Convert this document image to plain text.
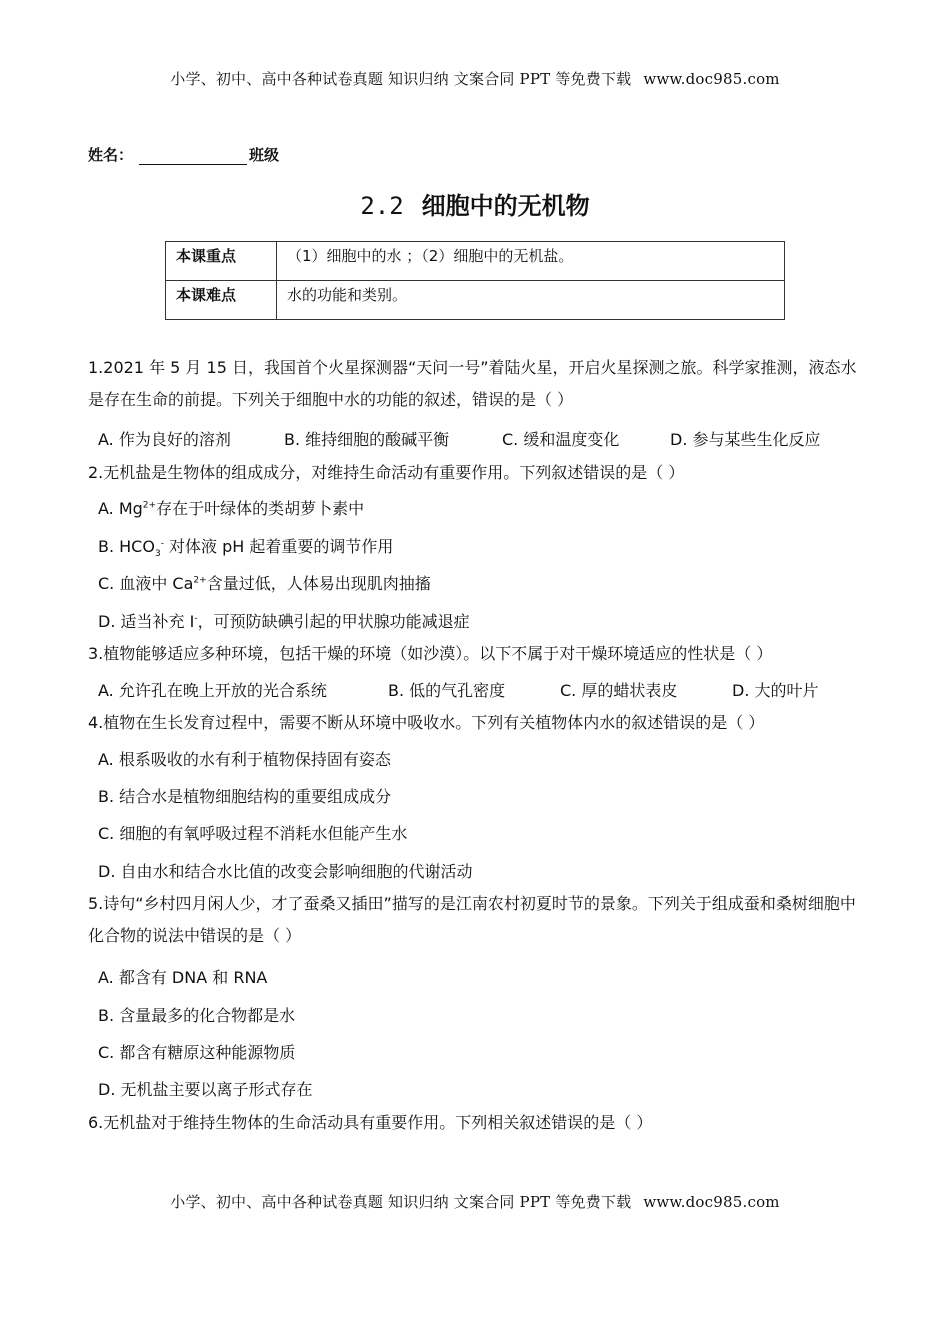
小学、初中、高中各种试卷真题 知识归纳 文案合同 PPT 等免费下载 www.doc985.com
姓名：	班级
2.2 细胞中的无机物
本课重点	（1）细胞中的水 ；（2）细胞中的无机盐。
本课难点	水的功能和类别。
1.2021 年 5 月 15 日，我国首个火星探测器“天问一号”着陆火星，开启火星探测之旅。科学家推测，液态水是存在生命的前提。下列关于细胞中水的功能的叙述，错误的是（ ）
A. 作为良好的溶剂	B. 维持细胞的酸碱平衡	C. 缓和温度变化	D. 参与某些生化反应
2.无机盐是生物体的组成成分，对维持生命活动有重要作用。下列叙述错误的是（ ）
A. $Mg^{2+}$存在于叶绿体的类胡萝卜素中
B. $HCO_3^-$ 对体液 pH 起着重要的调节作用
C. 血液中 $Ca^{2+}$含量过低，人体易出现肌肉抽搐
D. 适当补充 I-，可预防缺碘引起的甲状腺功能减退症
3.植物能够适应多种环境，包括干燥的环境（如沙漠）。以下不属于对干燥环境适应的性状是（ ）
A. 允许孔在晚上开放的光合系统	B. 低的气孔密度	C. 厚的蜡状表皮	D. 大的叶片
4.植物在生长发育过程中，需要不断从环境中吸收水。下列有关植物体内水的叙述错误的是（ ）
A. 根系吸收的水有利于植物保持固有姿态
B. 结合水是植物细胞结构的重要组成成分
C. 细胞的有氧呼吸过程不消耗水但能产生水
D. 自由水和结合水比值的改变会影响细胞的代谢活动
5.诗句“乡村四月闲人少，才了蚕桑又插田”描写的是江南农村初夏时节的景象。下列关于组成蚕和桑树细胞中化合物的说法中错误的是（ ）
A. 都含有 DNA 和 RNA
B. 含量最多的化合物都是水
C. 都含有糖原这种能源物质
D. 无机盐主要以离子形式存在
6.无机盐对于维持生物体的生命活动具有重要作用。下列相关叙述错误的是（ ）
小学、初中、高中各种试卷真题 知识归纳 文案合同 PPT 等免费下载 www.doc985.com
